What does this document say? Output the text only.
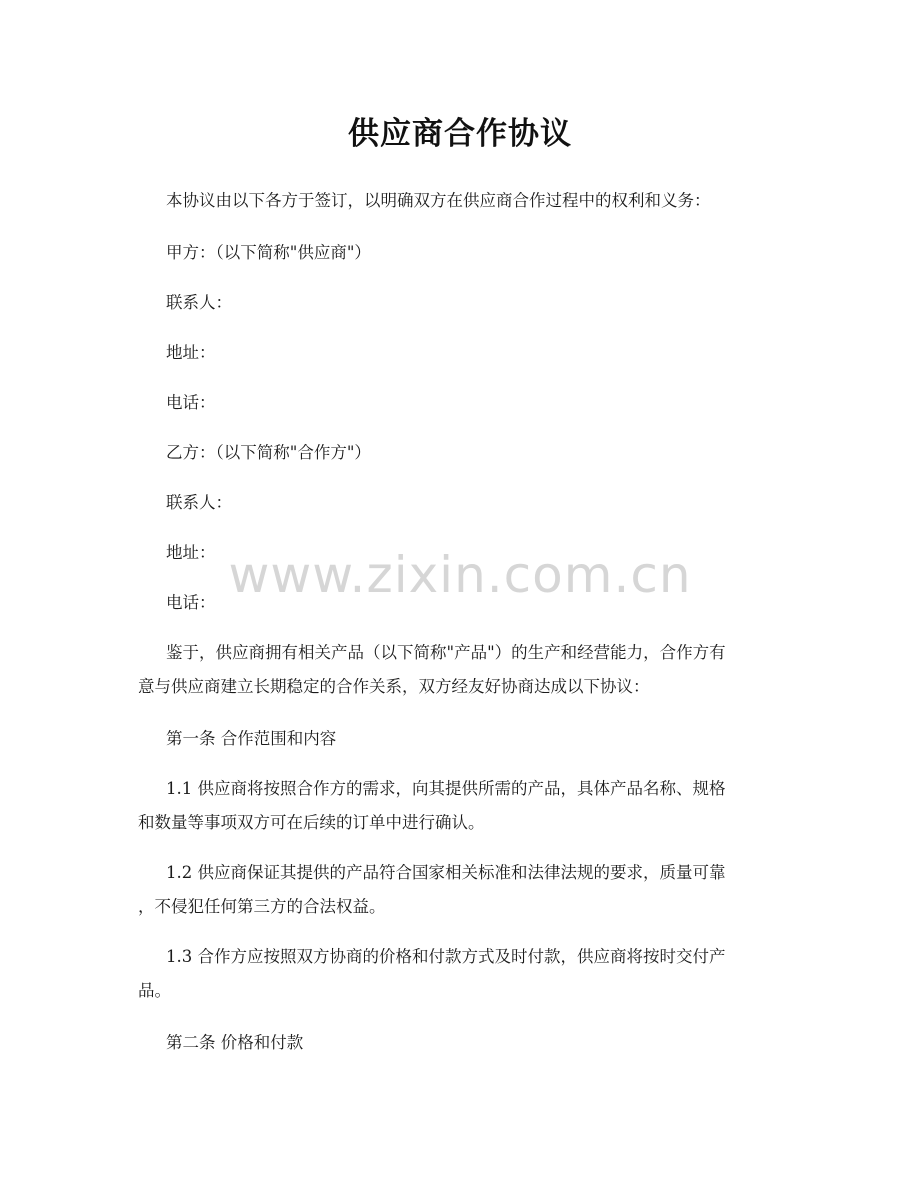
供应商合作协议
本协议由以下各方于签订，以明确双方在供应商合作过程中的权利和义务：
甲方：（以下简称"供应商"）
联系人：
地址：
电话：
乙方：（以下简称"合作方"）
联系人：
地址：
电话：
鉴于，供应商拥有相关产品（以下简称"产品"）的生产和经营能力，合作方有
意与供应商建立长期稳定的合作关系，双方经友好协商达成以下协议：
第一条 合作范围和内容
1.1 供应商将按照合作方的需求，向其提供所需的产品，具体产品名称、规格
和数量等事项双方可在后续的订单中进行确认。
1.2 供应商保证其提供的产品符合国家相关标准和法律法规的要求，质量可靠
，不侵犯任何第三方的合法权益。
1.3 合作方应按照双方协商的价格和付款方式及时付款，供应商将按时交付产
品。
第二条 价格和付款
www.zixin.com.cn
